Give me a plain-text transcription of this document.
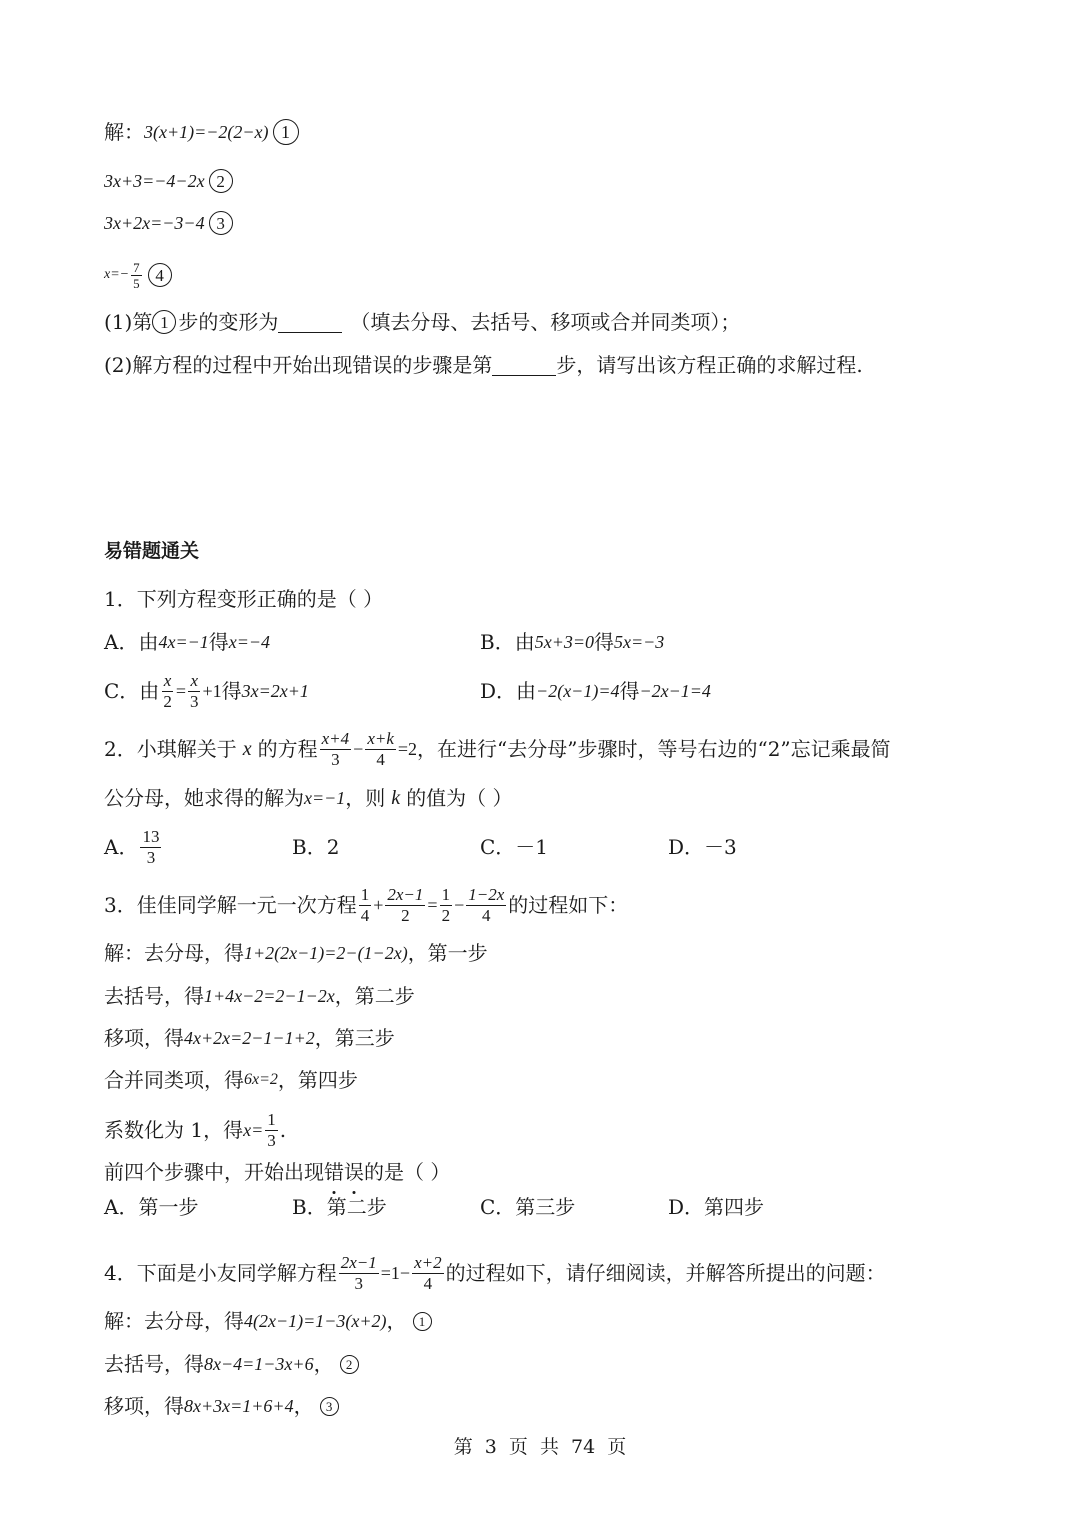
解： 3(x+1)=−2(2−x) 1
3x+3=−4−2x 2
3x+2x=−3−4 3
$x=- \frac{7}{5} 4$
(1)第 1 步的变形为	（填去分母、去括号、移项或合并同类项）；
(2)解方程的过程中开始出现错误的步骤是第	步，请写出该方程正确的求解过程.
易错题通关
1．下列方程变形正确的是（ ）
A．由 4x=−1 得 x=−4	B．由 5x+3=0 得 5x=−3
C．由 $\frac{x}{2} = \frac{x}{3} +1$ 得 3x=2x+1	D．由 −2(x−1)=4 得 −2x−1=4
2．小琪解关于 x 的方程 $\frac{x+4}{3} - \frac{x+k}{4} =2$ ，在进行“去分母”步骤时，等号右边的“2”忘记乘最简
公分母，她求得的解为 x=−1 ，则 k 的值为（ ）
A． $\frac{13}{3}$	B．2	C．－1	D．－3
3．佳佳同学解一元一次方程 $\frac{1}{4} + \frac{2x-1}{2} = \frac{1}{2} - \frac{1-2x}{4}$ 的过程如下：
解：去分母，得 1+2(2x−1)=2−(1−2x) ，第一步
去括号，得 1+4x−2=2−1−2x ，第二步
移项，得 4x+2x=2−1−1+2 ，第三步
合并同类项，得 6x=2 ，第四步
系数化为 1，得 $x= \frac{1}{3}$ .
前四个步骤中，开始出现 错 误 的是（ ）
A．第一步	B．第二步	C．第三步	D．第四步
4．下面是小友同学解方程 $\frac{2x-1}{3} =1- \frac{x+2}{4}$ 的过程如下，请仔细阅读，并解答所提出的问题：
解：去分母，得 4(2x−1)=1−3(x+2) ， 1
去括号，得 8x−4=1−3x+6 ， 2
移项，得 8x+3x=1+6+4 ， 3
第 3 页 共 74 页
